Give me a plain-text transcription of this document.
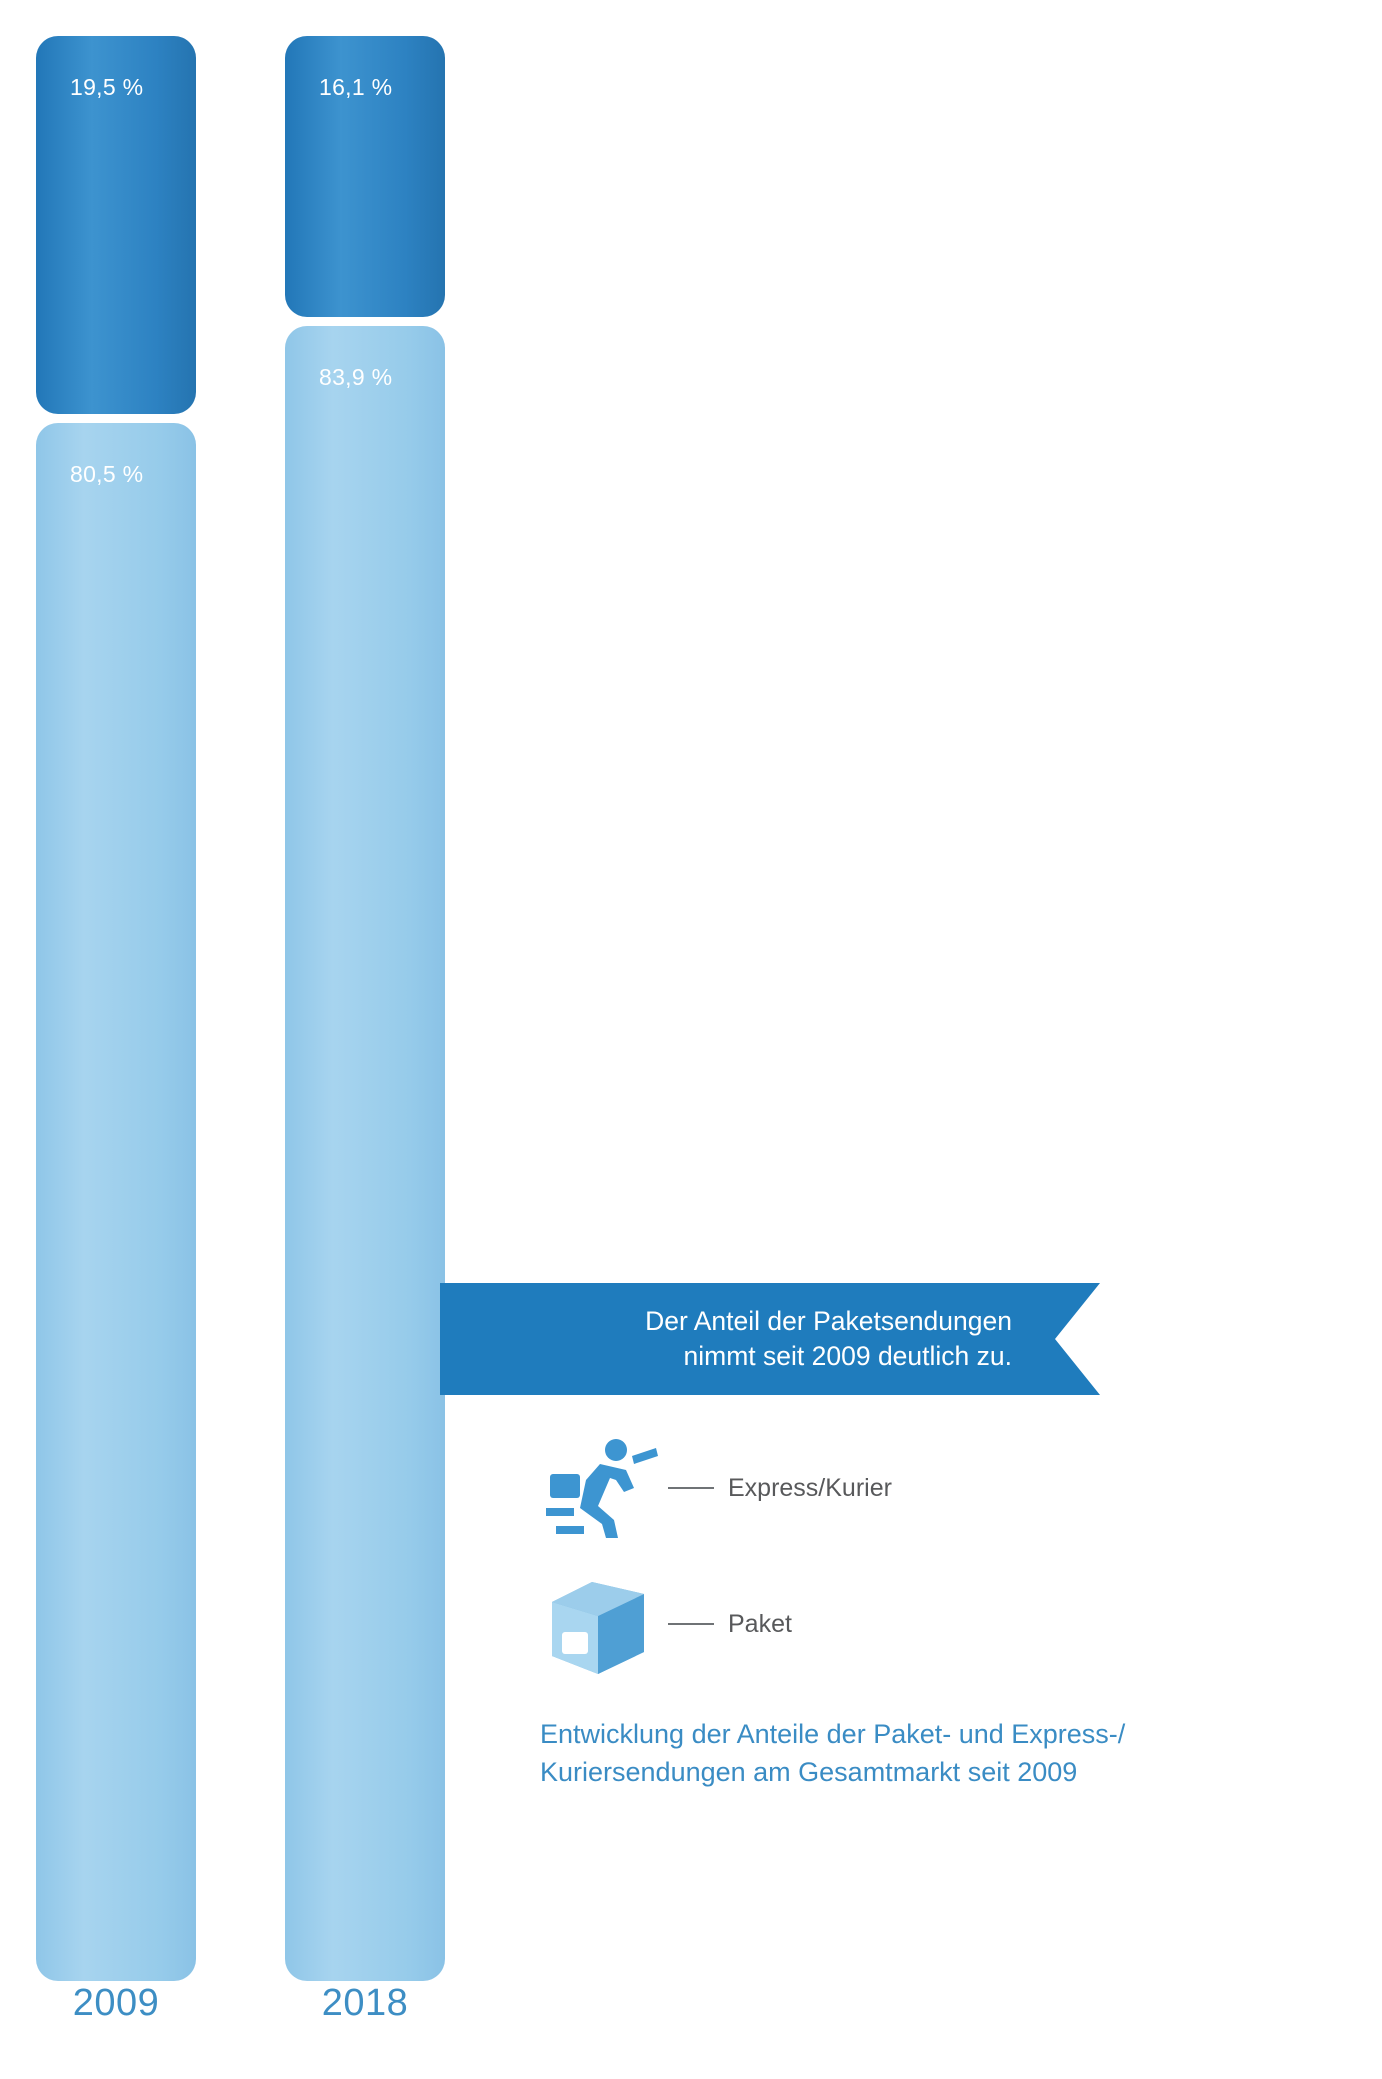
19,5 %
80,5 %
2009
16,1 %
83,9 %
2018
Der Anteil der Paketsendungen
nimmt seit 2009 deutlich zu.
Express/Kurier
Paket
Entwicklung der Anteile der Paket- und Express-/
Kuriersendungen am Gesamtmarkt seit 2009
